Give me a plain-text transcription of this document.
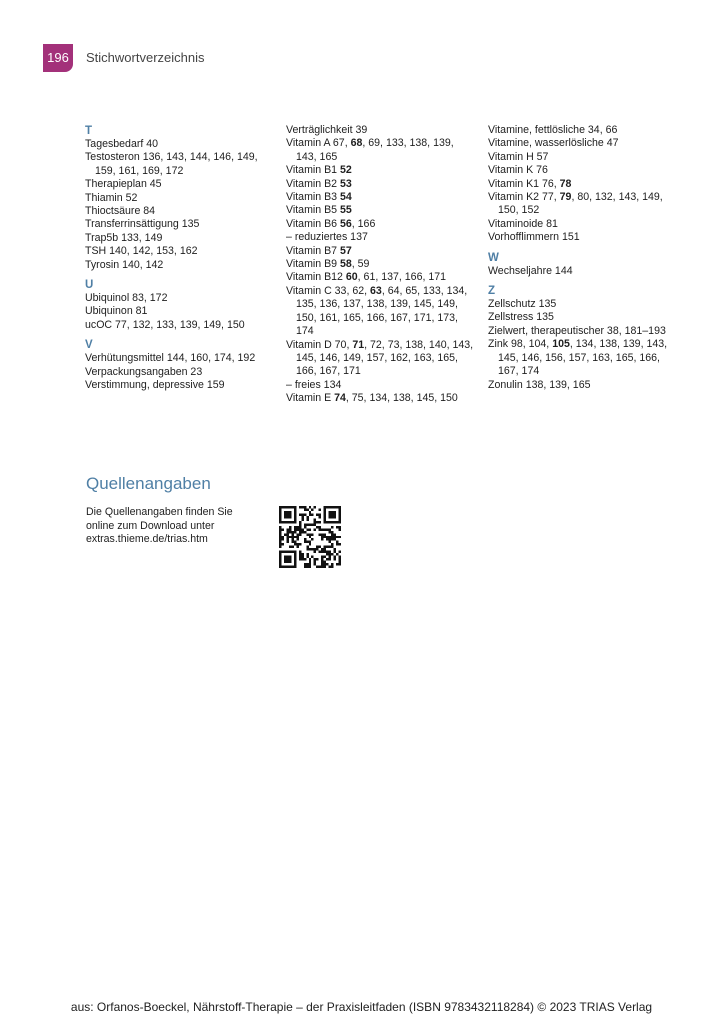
196	Stichwortverzeichnis
T
Tagesbedarf 40
Testosteron 136, 143, 144, 146, 149, 159, 161, 169, 172
Therapieplan 45
Thiamin 52
Thioctsäure 84
Transferrinsättigung 135
Trap5b 133, 149
TSH 140, 142, 153, 162
Tyrosin 140, 142
U
Ubiquinol 83, 172
Ubiquinon 81
ucOC 77, 132, 133, 139, 149, 150
V
Verhütungsmittel 144, 160, 174, 192
Verpackungsangaben 23
Verstimmung, depressive 159
Verträglichkeit 39
Vitamin A 67, 68, 69, 133, 138, 139, 143, 165
Vitamin B1 52
Vitamin B2 53
Vitamin B3 54
Vitamin B5 55
Vitamin B6 56, 166
– reduziertes 137
Vitamin B7 57
Vitamin B9 58, 59
Vitamin B12 60, 61, 137, 166, 171
Vitamin C 33, 62, 63, 64, 65, 133, 134, 135, 136, 137, 138, 139, 145, 149, 150, 161, 165, 166, 167, 171, 173, 174
Vitamin D 70, 71, 72, 73, 138, 140, 143, 145, 146, 149, 157, 162, 163, 165, 166, 167, 171
– freies 134
Vitamin E 74, 75, 134, 138, 145, 150
Vitamine, fettlösliche 34, 66
Vitamine, wasserlösliche 47
Vitamin H 57
Vitamin K 76
Vitamin K1 76, 78
Vitamin K2 77, 79, 80, 132, 143, 149, 150, 152
Vitaminoide 81
Vorhofflimmern 151
W
Wechseljahre 144
Z
Zellschutz 135
Zellstress 135
Zielwert, therapeutischer 38, 181–193
Zink 98, 104, 105, 134, 138, 139, 143, 145, 146, 156, 157, 163, 165, 166, 167, 174
Zonulin 138, 139, 165
Quellenangaben
Die Quellenangaben finden Sie
online zum Download unter
extras.thieme.de/trias.htm
aus: Orfanos-Boeckel, Nährstoff-Therapie – der Praxisleitfaden (ISBN 9783432118284) © 2023 TRIAS Verlag
